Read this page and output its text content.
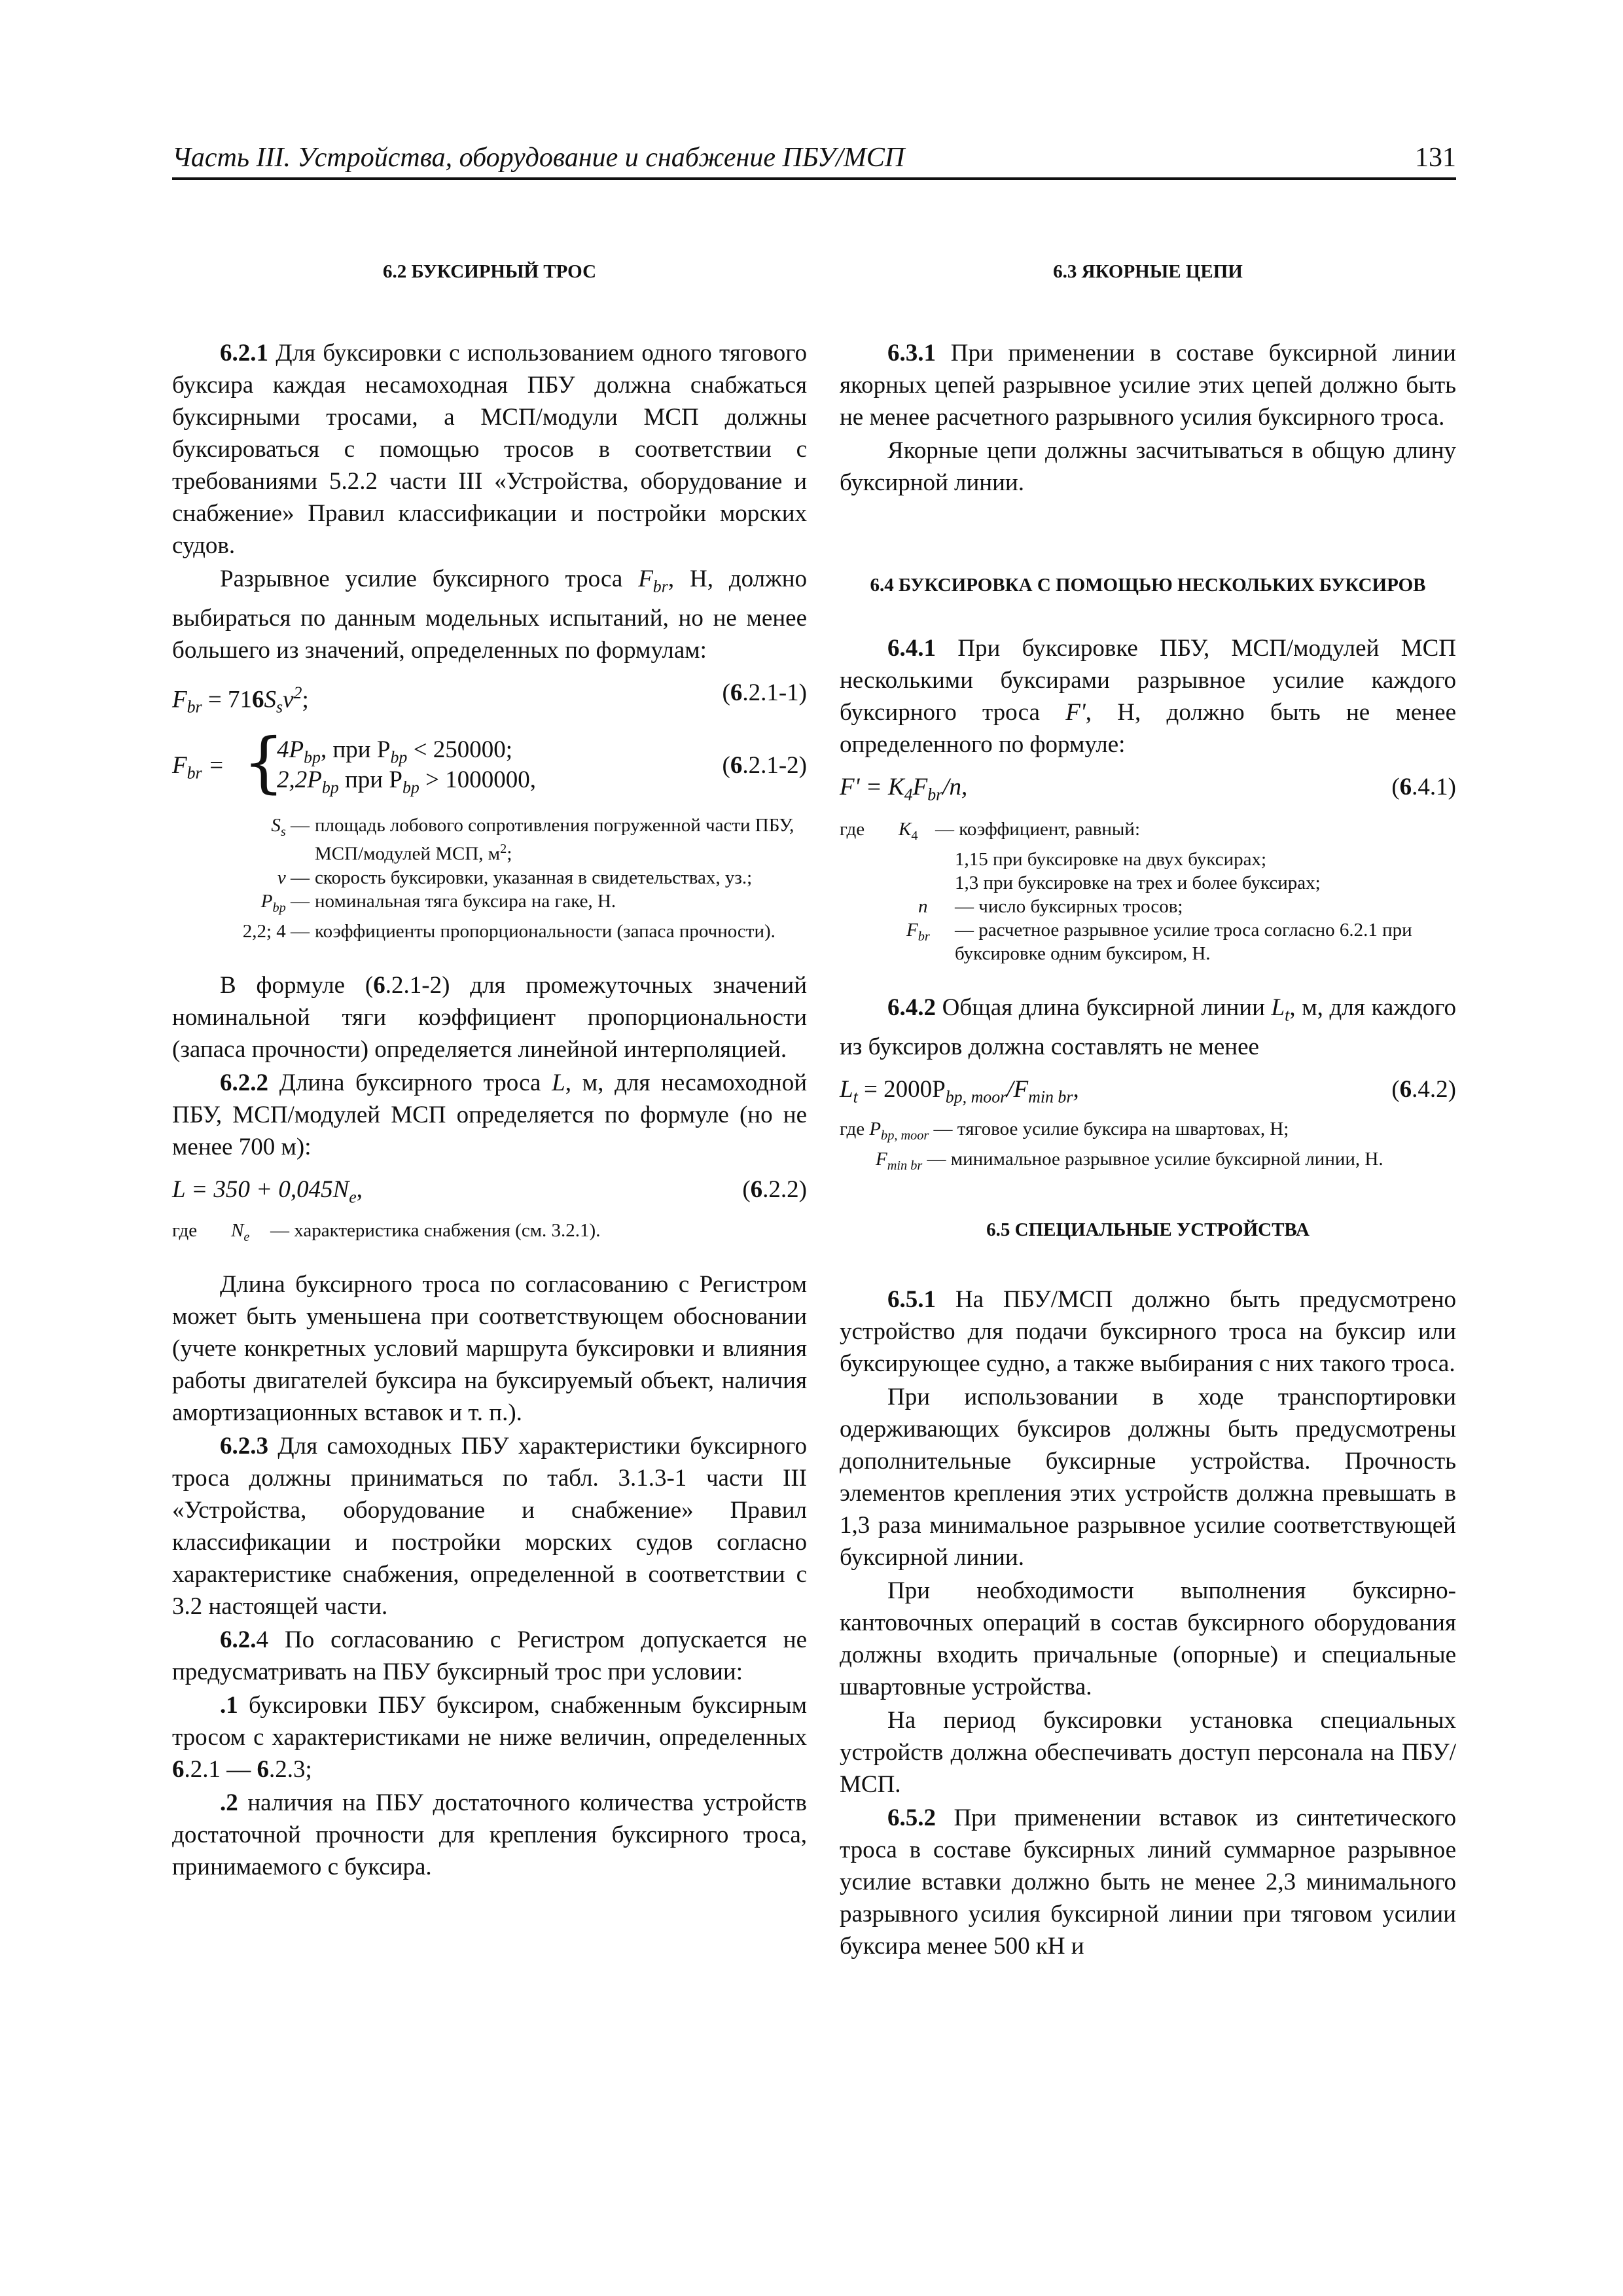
Часть III. Устройства, оборудование и снабжение ПБУ/МСП	131
6.2 БУКСИРНЫЙ ТРОС

6.2.1 Для буксировки с использованием одного тягового буксира каждая несамоходная ПБУ должна снабжаться буксирными тросами, а МСП/модули МСП должны буксироваться с помощью тросов в соответствии с требованиями 5.2.2 части III «Устройства, оборудование и снабжение» Правил классификации и постройки морских судов.

Разрывное усилие буксирного троса $F_{br}$, Н, должно выбираться по данным модельных испытаний, но не менее большего из значений, определенных по формулам:

$F_{br} = 716S_sv^2$;	(6.2.1-1)
$F_{br}$ = {
$4P_{bp}$, при $P_{bp} < 250000$;
$2,2P_{bp}$ при $P_{bp} > 1000000$,
(6.2.1-2)
$S_s$ — площадь лобового сопротивления погруженной части ПБУ, МСП/модулей МСП, $м^2$;
v — скорость буксировки, указанная в свидетельствах, уз.;
$P_{bp}$ — номинальная тяга буксира на гаке, Н.
2,2; 4 — коэффициенты пропорциональности (запаса прочности).

В формуле (6.2.1-2) для промежуточных значений номинальной тяги коэффициент пропорциональности (запаса прочности) определяется линейной интерполяцией.

6.2.2 Длина буксирного троса L, м, для несамоходной ПБУ, МСП/модулей МСП определяется по формуле (но не менее 700 м):

$L = 350 + 0,045N_e$,	(6.2.2)
где	$N_e$	— характеристика снабжения (см. 3.2.1).

Длина буксирного троса по согласованию с Регистром может быть уменьшена при соответствующем обосновании (учете конкретных условий маршрута буксировки и влияния работы двигателей буксира на буксируемый объект, наличия амортизационных вставок и т. п.).

6.2.3 Для самоходных ПБУ характеристики буксирного троса должны приниматься по табл. 3.1.3-1 части III «Устройства, оборудование и снабжение» Правил классификации и постройки морских судов согласно характеристике снабжения, определенной в соответствии с 3.2 настоящей части.

6.2.4 По согласованию с Регистром допускается не предусматривать на ПБУ буксирный трос при условии:

.1 буксировки ПБУ буксиром, снабженным буксирным тросом с характеристиками не ниже величин, определенных 6.2.1 — 6.2.3;

.2 наличия на ПБУ достаточного количества устройств достаточной прочности для крепления буксирного троса, принимаемого с буксира.

6.3 ЯКОРНЫЕ ЦЕПИ

6.3.1 При применении в составе буксирной линии якорных цепей разрывное усилие этих цепей должно быть не менее расчетного разрывного усилия буксирного троса.

Якорные цепи должны засчитываться в общую длину буксирной линии.

6.4 БУКСИРОВКА С ПОМОЩЬЮ НЕСКОЛЬКИХ БУКСИРОВ

6.4.1 При буксировке ПБУ, МСП/модулей МСП несколькими буксирами разрывное усилие каждого буксирного троса F', Н, должно быть не менее определенного по формуле:

$F' = K_4F_{br}/n$,	(6.4.1)
где	$K_4$ — коэффициент, равный:
1,15 при буксировке на двух буксирах;
1,3 при буксировке на трех и более буксирах;
n	— число буксирных тросов;
$F_{br}$	— расчетное разрывное усилие троса согласно 6.2.1 при буксировке одним буксиром, Н.

6.4.2 Общая длина буксирной линии $L_t$, м, для каждого из буксиров должна составлять не менее

$L_t = 2000P_{bp, moor}/F_{min br}$,	(6.4.2)
где $P_{bp, moor}$ — тяговое усилие буксира на швартовах, Н;
$F_{min br}$ — минимальное разрывное усилие буксирной линии, Н.
6.5 СПЕЦИАЛЬНЫЕ УСТРОЙСТВА

6.5.1 На ПБУ/МСП должно быть предусмотрено устройство для подачи буксирного троса на буксир или буксирующее судно, а также выбирания с них такого троса.

При использовании в ходе транспортировки одерживающих буксиров должны быть предусмотрены дополнительные буксирные устройства. Прочность элементов крепления этих устройств должна превышать в 1,3 раза минимальное разрывное усилие соответствующей буксирной линии.

При необходимости выполнения буксирно-кантовочных операций в состав буксирного оборудования должны входить причальные (опорные) и специальные швартовные устройства.

На период буксировки установка специальных устройств должна обеспечивать доступ персонала на ПБУ/МСП.

6.5.2 При применении вставок из синтетического троса в составе буксирных линий суммарное разрывное усилие вставки должно быть не менее 2,3 минимального разрывного усилия буксирной линии при тяговом усилии буксира менее 500 кН и
